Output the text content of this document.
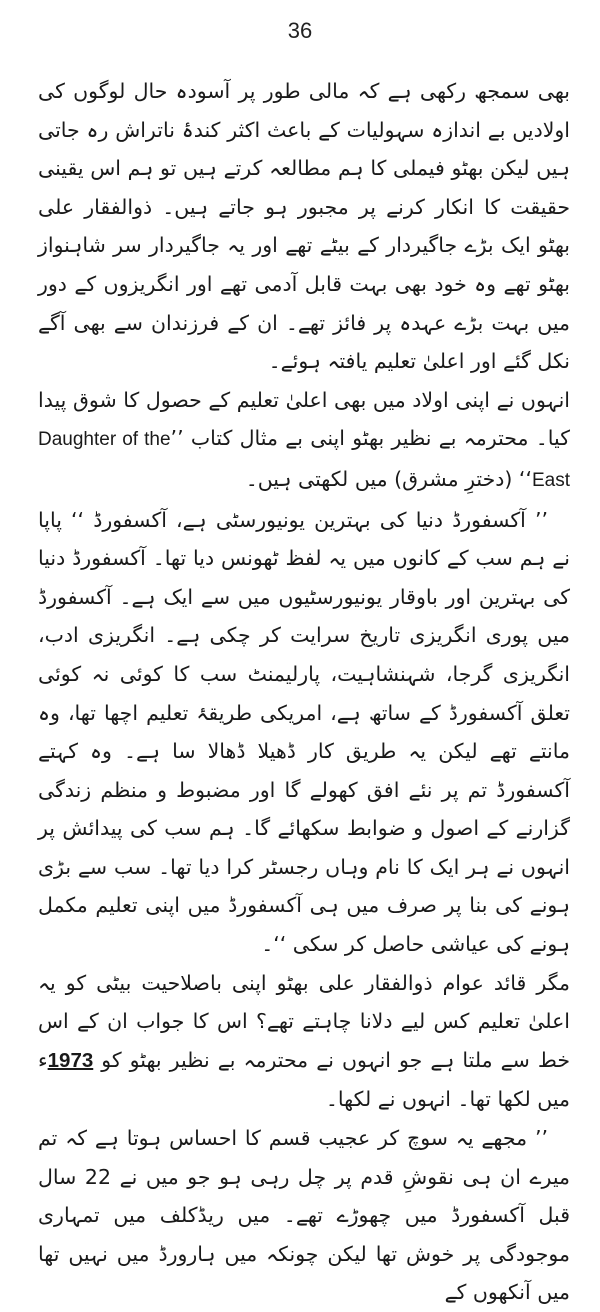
36

بھی سمجھ رکھی ہے کہ مالی طور پر آسودہ حال لوگوں کی اولادیں بے اندازہ سہولیات کے باعث اکثر کندۂ ناتراش رہ جاتی ہیں لیکن بھٹو فیملی کا ہم مطالعہ کرتے ہیں تو ہم اس یقینی حقیقت کا انکار کرنے پر مجبور ہو جاتے ہیں۔ ذوالفقار علی بھٹو ایک بڑے جاگیردار کے بیٹے تھے اور یہ جاگیردار سر شاہنواز بھٹو تھے وہ خود بھی بہت قابل آدمی تھے اور انگریزوں کے دور میں بہت بڑے عہدہ پر فائز تھے۔ ان کے فرزندان سے بھی آگے نکل گئے اور اعلیٰ تعلیم یافتہ ہوئے۔

انہوں نے اپنی اولاد میں بھی اعلیٰ تعلیم کے حصول کا شوق پیدا کیا۔ محترمہ بے نظیر بھٹو اپنی بے مثال کتاب ’’Daughter of the East‘‘ (دخترِ مشرق) میں لکھتی ہیں۔

’’ آکسفورڈ دنیا کی بہترین یونیورسٹی ہے، آکسفورڈ ‘‘ پاپا نے ہم سب کے کانوں میں یہ لفظ ٹھونس دیا تھا۔ آکسفورڈ دنیا کی بہترین اور باوقار یونیورسٹیوں میں سے ایک ہے۔ آکسفورڈ میں پوری انگریزی تاریخ سرایت کر چکی ہے۔ انگریزی ادب، انگریزی گرجا، شہنشاہیت، پارلیمنٹ سب کا کوئی نہ کوئی تعلق آکسفورڈ کے ساتھ ہے، امریکی طریقۂ تعلیم اچھا تھا، وہ مانتے تھے لیکن یہ طریق کار ڈھیلا ڈھالا سا ہے۔ وہ کہتے آکسفورڈ تم پر نئے افق کھولے گا اور مضبوط و منظم زندگی گزارنے کے اصول و ضوابط سکھائے گا۔ ہم سب کی پیدائش پر انہوں نے ہر ایک کا نام وہاں رجسٹر کرا دیا تھا۔ سب سے بڑی ہونے کی بنا پر صرف میں ہی آکسفورڈ میں اپنی تعلیم مکمل ہونے کی عیاشی حاصل کر سکی ‘‘۔

مگر قائد عوام ذوالفقار علی بھٹو اپنی باصلاحیت بیٹی کو یہ اعلیٰ تعلیم کس لیے دلانا چاہتے تھے؟ اس کا جواب ان کے اس خط سے ملتا ہے جو انہوں نے محترمہ بے نظیر بھٹو کو 1973ء میں لکھا تھا۔ انہوں نے لکھا۔

’’ مجھے یہ سوچ کر عجیب قسم کا احساس ہوتا ہے کہ تم میرے ان ہی نقوشِ قدم پر چل رہی ہو جو میں نے 22 سال قبل آکسفورڈ میں چھوڑے تھے۔ میں ریڈکلف میں تمہاری موجودگی پر خوش تھا لیکن چونکہ میں ہارورڈ میں نہیں تھا میں آنکھوں کے
